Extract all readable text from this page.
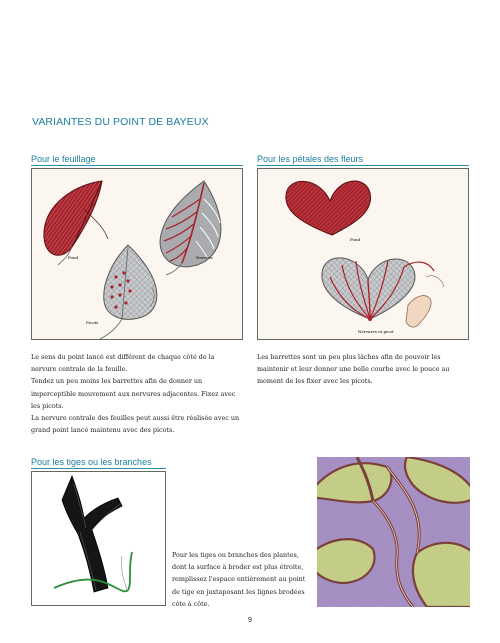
VARIANTES DU POINT DE BAYEUX
Pour le feuillage
Fond	Nervure
Picots

Le sens du point lancé est différent de chaque côté de la nervure centrale de la feuille.

Tendez un peu moins les barrettes afin de donner un imperceptible mouvement aux nervures adjacentes. Fixez avec les picots.

La nervure centrale des feuilles peut aussi être réalisée avec un grand point lancé maintenu avec des picots.

Pour les pétales des fleurs
Fond
Nervures et picot

Les barrettes sont un peu plus lâches afin de pouvoir les maintenir et leur donner une belle courbe avec le pouce au moment de les fixer avec les picots.

Pour les tiges ou les branches

Pour les tiges ou branches des plantes, dont la surface à broder est plus étroite, remplissez l'espace entièrement au point de tige en juxtaposant les lignes brodées côte à côte.

9
